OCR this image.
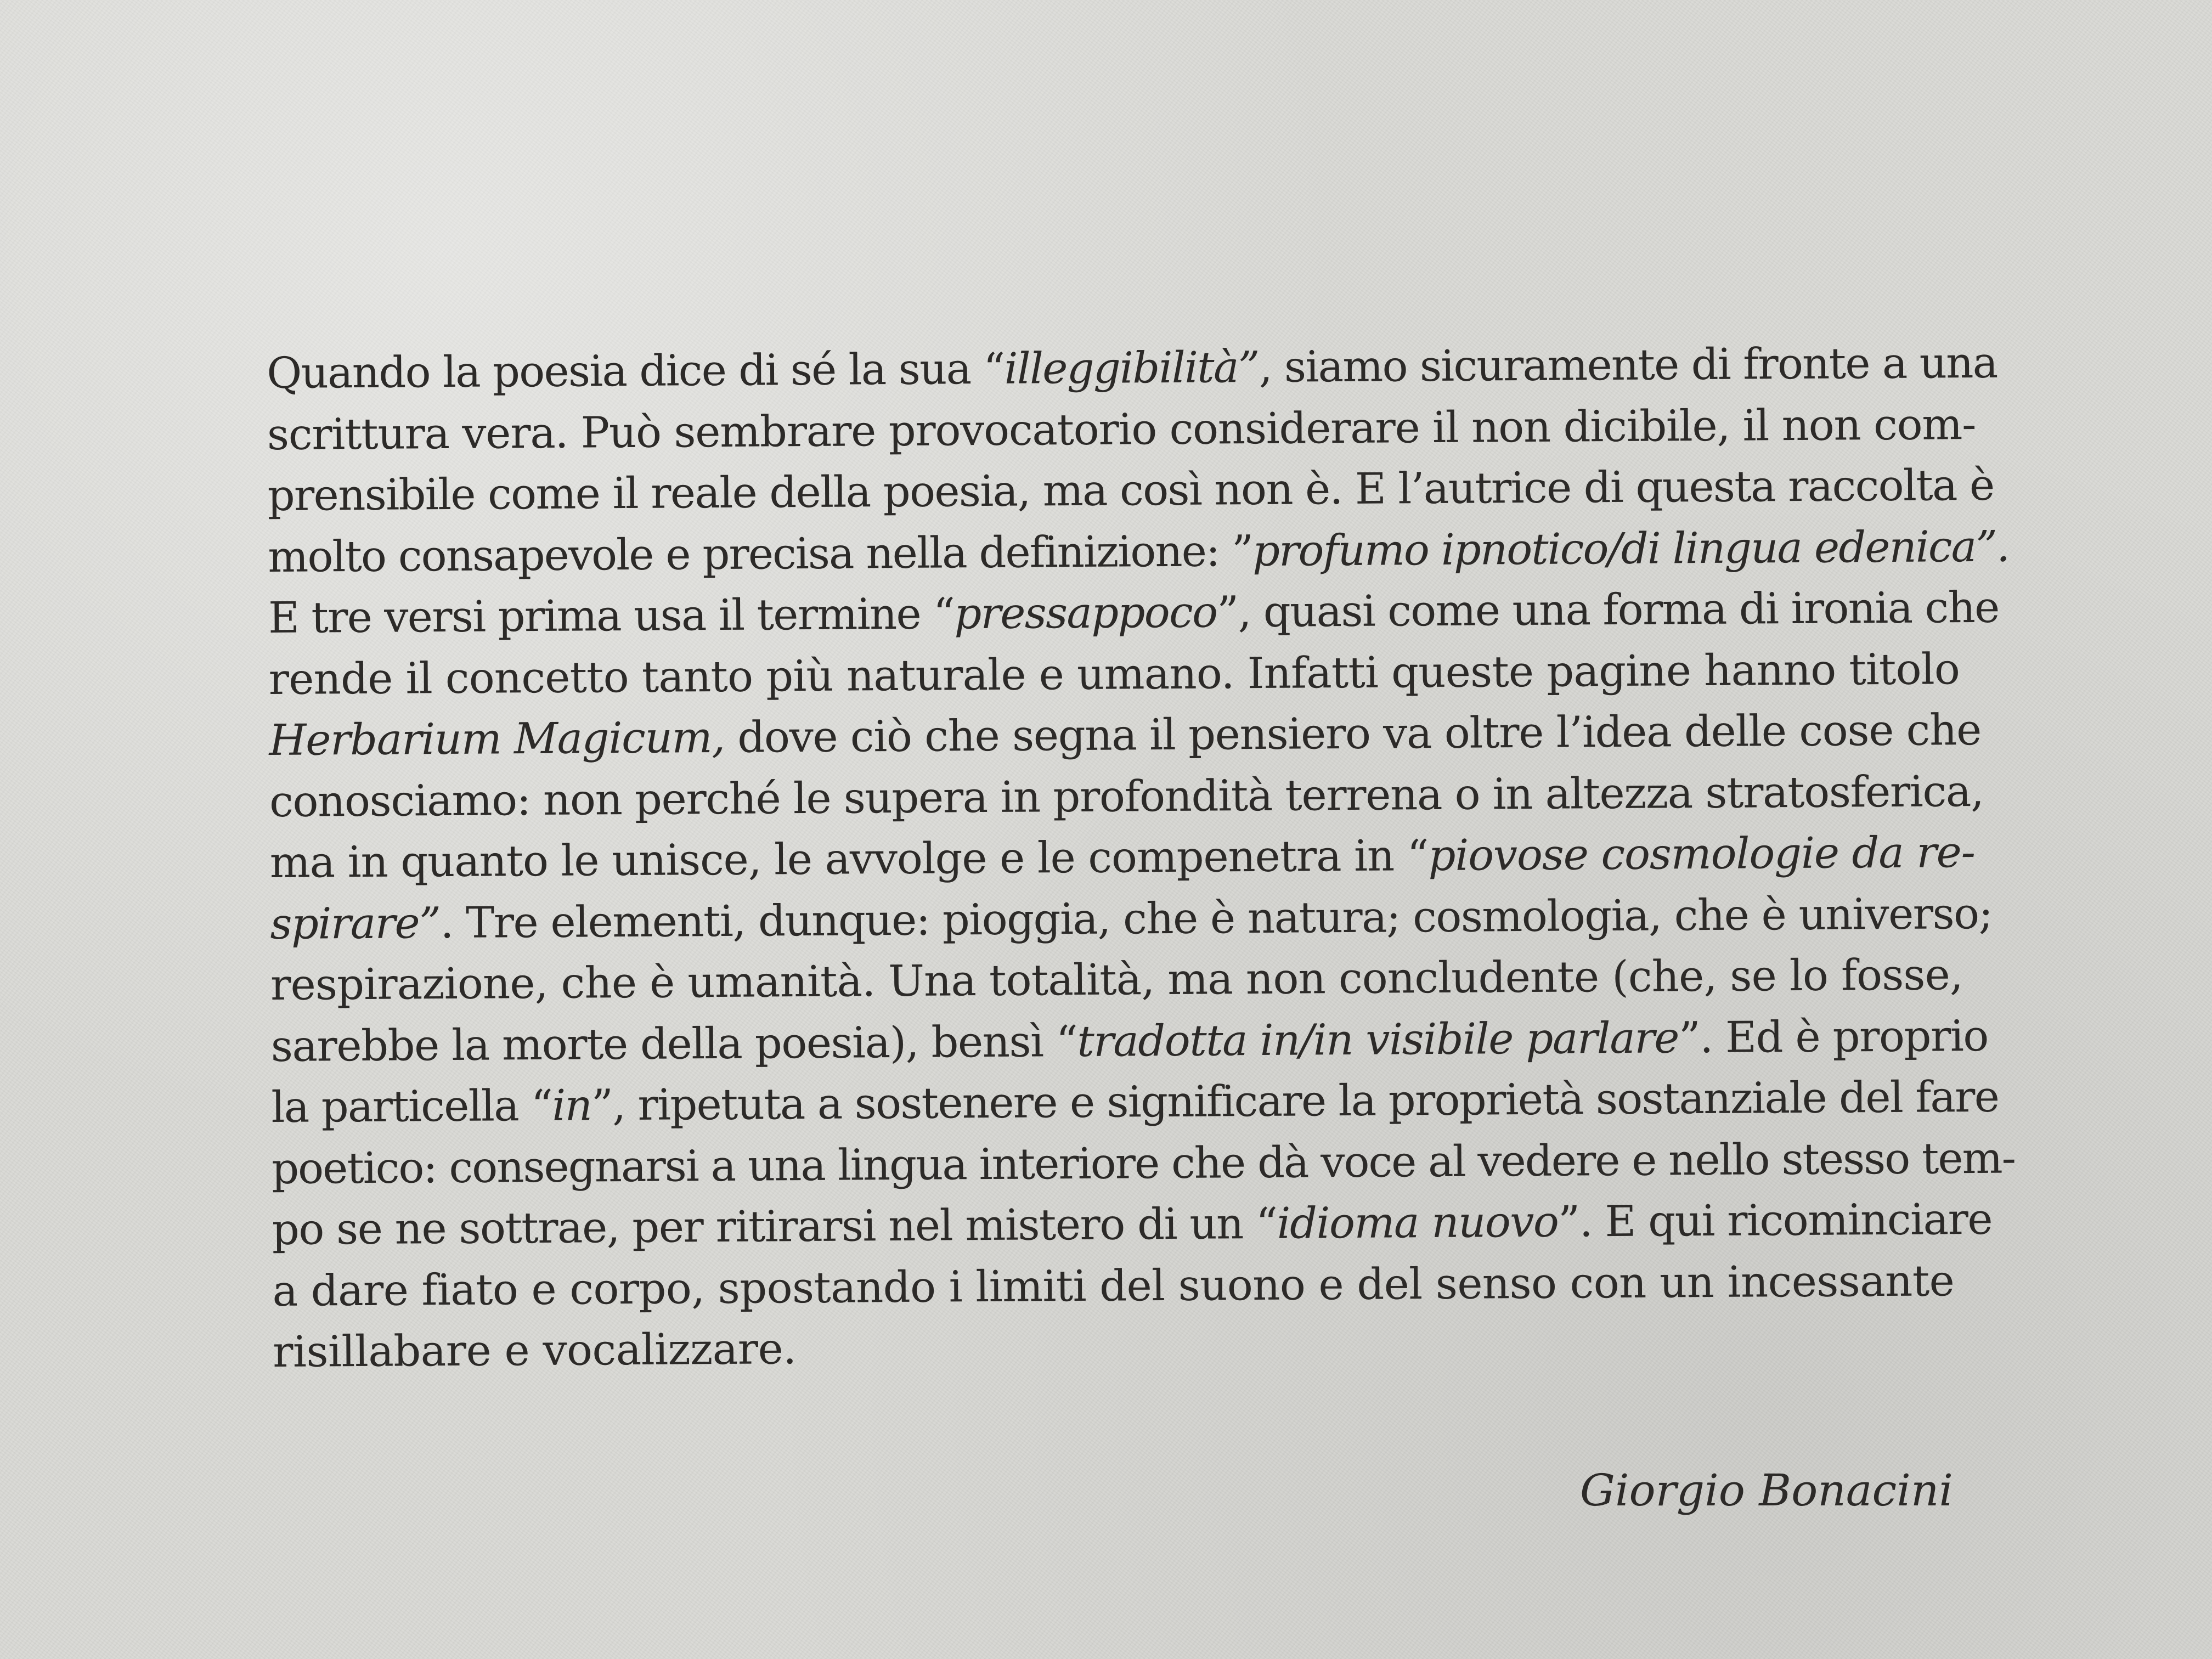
Quando la poesia dice di sé la sua “illeggibilità”, siamo sicuramente di fronte a una
scrittura vera. Può sembrare provocatorio considerare il non dicibile, il non com-
prensibile come il reale della poesia, ma così non è. E l’autrice di questa raccolta è
molto consapevole e precisa nella definizione: ”profumo ipnotico/di lingua edenica”.
E tre versi prima usa il termine “pressappoco”, quasi come una forma di ironia che
rende il concetto tanto più naturale e umano. Infatti queste pagine hanno titolo
Herbarium Magicum, dove ciò che segna il pensiero va oltre l’idea delle cose che
conosciamo: non perché le supera in profondità terrena o in altezza stratosferica,
ma in quanto le unisce, le avvolge e le compenetra in “piovose cosmologie da re-
spirare”. Tre elementi, dunque: pioggia, che è natura; cosmologia, che è universo;
respirazione, che è umanità. Una totalità, ma non concludente (che, se lo fosse,
sarebbe la morte della poesia), bensì “tradotta in/in visibile parlare”. Ed è proprio
la particella “in”, ripetuta a sostenere e significare la proprietà sostanziale del fare
poetico: consegnarsi a una lingua interiore che dà voce al vedere e nello stesso tem-
po se ne sottrae, per ritirarsi nel mistero di un “idioma nuovo”. E qui ricominciare
a dare fiato e corpo, spostando i limiti del suono e del senso con un incessante
risillabare e vocalizzare.
Giorgio Bonacini
